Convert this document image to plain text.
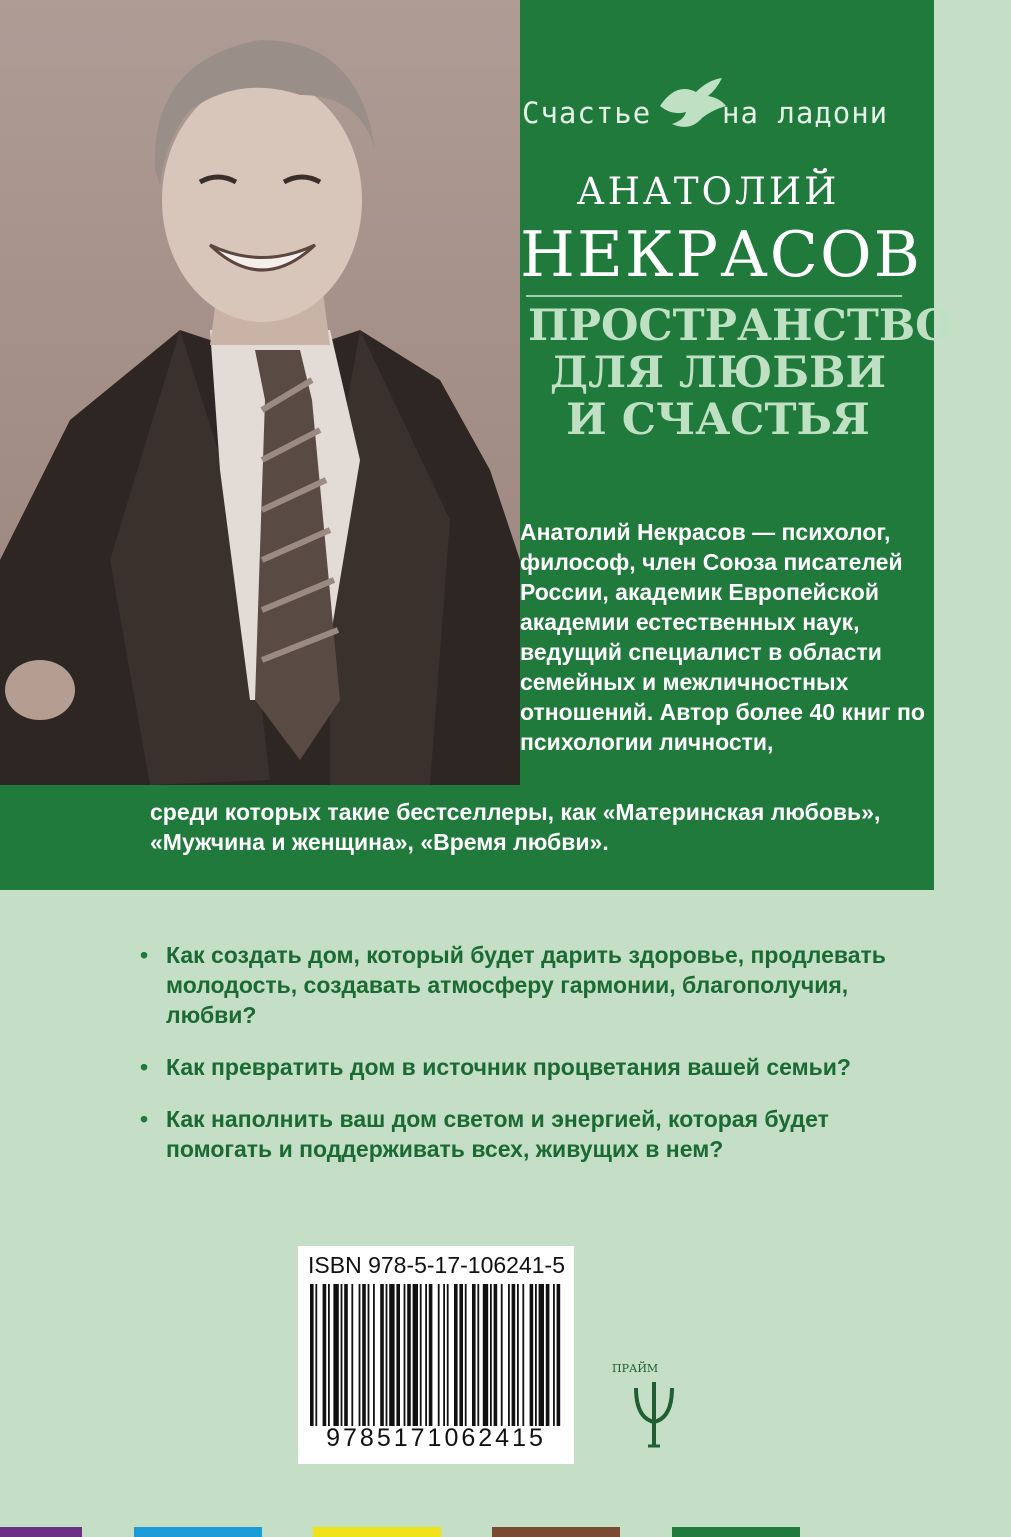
Счастье на ладони
АНАТОЛИЙ
НЕКРАСОВ
ПРОСТРАНСТВО
ДЛЯ ЛЮБВИ
И СЧАСТЬЯ
Анатолий Некрасов — психолог, философ, член Союза писателей России, академик Европейской академии естественных наук, ведущий специалист в области семейных и межличностных отношений. Автор более 40 книг по психологии личности,
среди которых такие бестселлеры, как «Материнская любовь», «Мужчина и женщина», «Время любви».
• Как создать дом, который будет дарить здоровье, продлевать молодость, создавать атмосферу гармонии, благополучия, любви?
• Как превратить дом в источник процветания вашей семьи?
• Как наполнить ваш дом светом и энергией, которая будет помогать и поддерживать всех, живущих в нем?
ISBN 978-5-17-106241-5
9785171062415
ПРАЙМ
